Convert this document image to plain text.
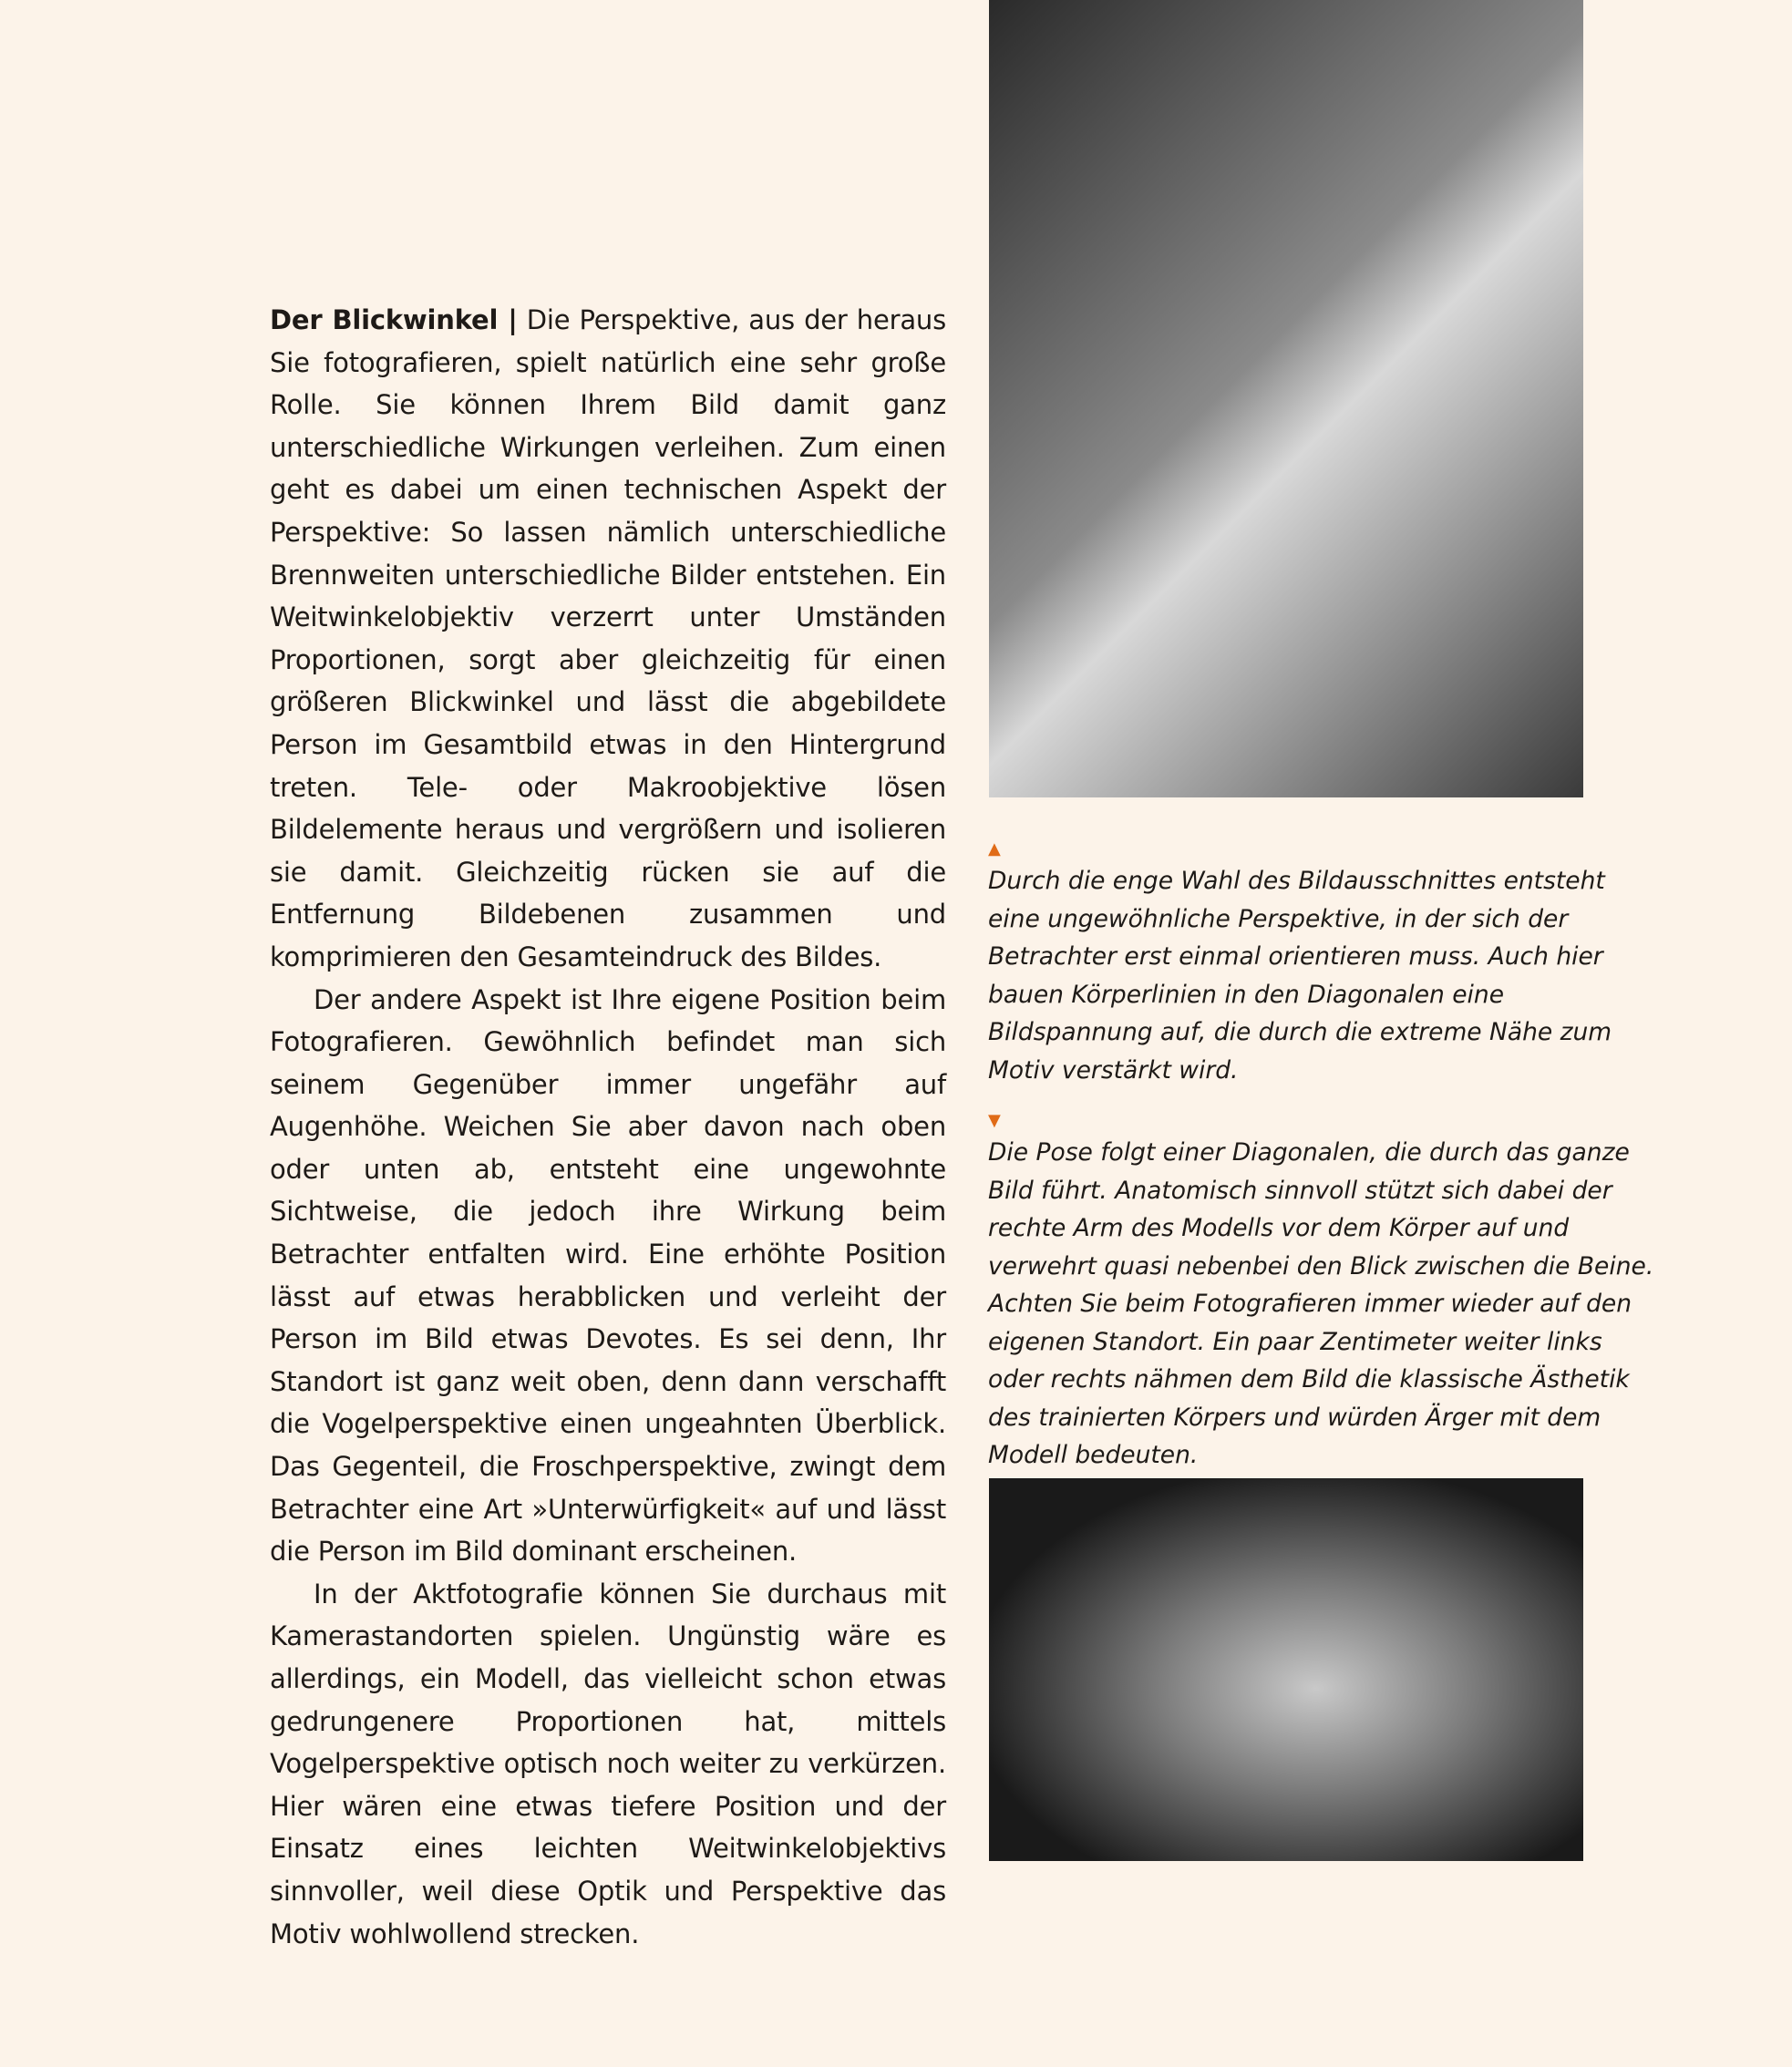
Der Blickwinkel | Die Perspektive, aus der heraus Sie fotografieren, spielt natürlich eine sehr große Rolle. Sie können Ihrem Bild damit ganz unterschiedliche Wirkungen verleihen. Zum einen geht es dabei um einen technischen Aspekt der Perspektive: So lassen nämlich unterschiedliche Brennweiten unterschiedliche Bilder entstehen. Ein Weitwinkelobjektiv verzerrt unter Umständen Proportionen, sorgt aber gleichzeitig für einen größeren Blickwinkel und lässt die abgebildete Person im Gesamtbild etwas in den Hintergrund treten. Tele- oder Makroobjektive lösen Bildelemente heraus und vergrößern und isolieren sie damit. Gleichzeitig rücken sie auf die Entfernung Bildebenen zusammen und komprimieren den Gesamteindruck des Bildes.

Der andere Aspekt ist Ihre eigene Position beim Fotografieren. Gewöhnlich befindet man sich seinem Gegenüber immer ungefähr auf Augenhöhe. Weichen Sie aber davon nach oben oder unten ab, entsteht eine ungewohnte Sichtweise, die jedoch ihre Wirkung beim Betrachter entfalten wird. Eine erhöhte Position lässt auf etwas herabblicken und verleiht der Person im Bild etwas Devotes. Es sei denn, Ihr Standort ist ganz weit oben, denn dann verschafft die Vogelperspektive einen ungeahnten Überblick. Das Gegenteil, die Froschperspektive, zwingt dem Betrachter eine Art »Unterwürfigkeit« auf und lässt die Person im Bild dominant erscheinen.

In der Aktfotografie können Sie durchaus mit Kamerastandorten spielen. Ungünstig wäre es allerdings, ein Modell, das vielleicht schon etwas gedrungenere Proportionen hat, mittels Vogelperspektive optisch noch weiter zu verkürzen. Hier wären eine etwas tiefere Position und der Einsatz eines leichten Weitwinkelobjektivs sinnvoller, weil diese Optik und Perspektive das Motiv wohlwollend strecken.

▲

Durch die enge Wahl des Bildausschnittes entsteht eine ungewöhnliche Perspektive, in der sich der Betrachter erst einmal orientieren muss. Auch hier bauen Körperlinien in den Diagonalen eine Bildspannung auf, die durch die extreme Nähe zum Motiv verstärkt wird.

▼

Die Pose folgt einer Diagonalen, die durch das ganze Bild führt. Anatomisch sinnvoll stützt sich dabei der rechte Arm des Modells vor dem Körper auf und verwehrt quasi nebenbei den Blick zwischen die Beine. Achten Sie beim Fotografieren immer wieder auf den eigenen Standort. Ein paar Zentimeter weiter links oder rechts nähmen dem Bild die klassische Ästhetik des trainierten Körpers und würden Ärger mit dem Modell bedeuten.
